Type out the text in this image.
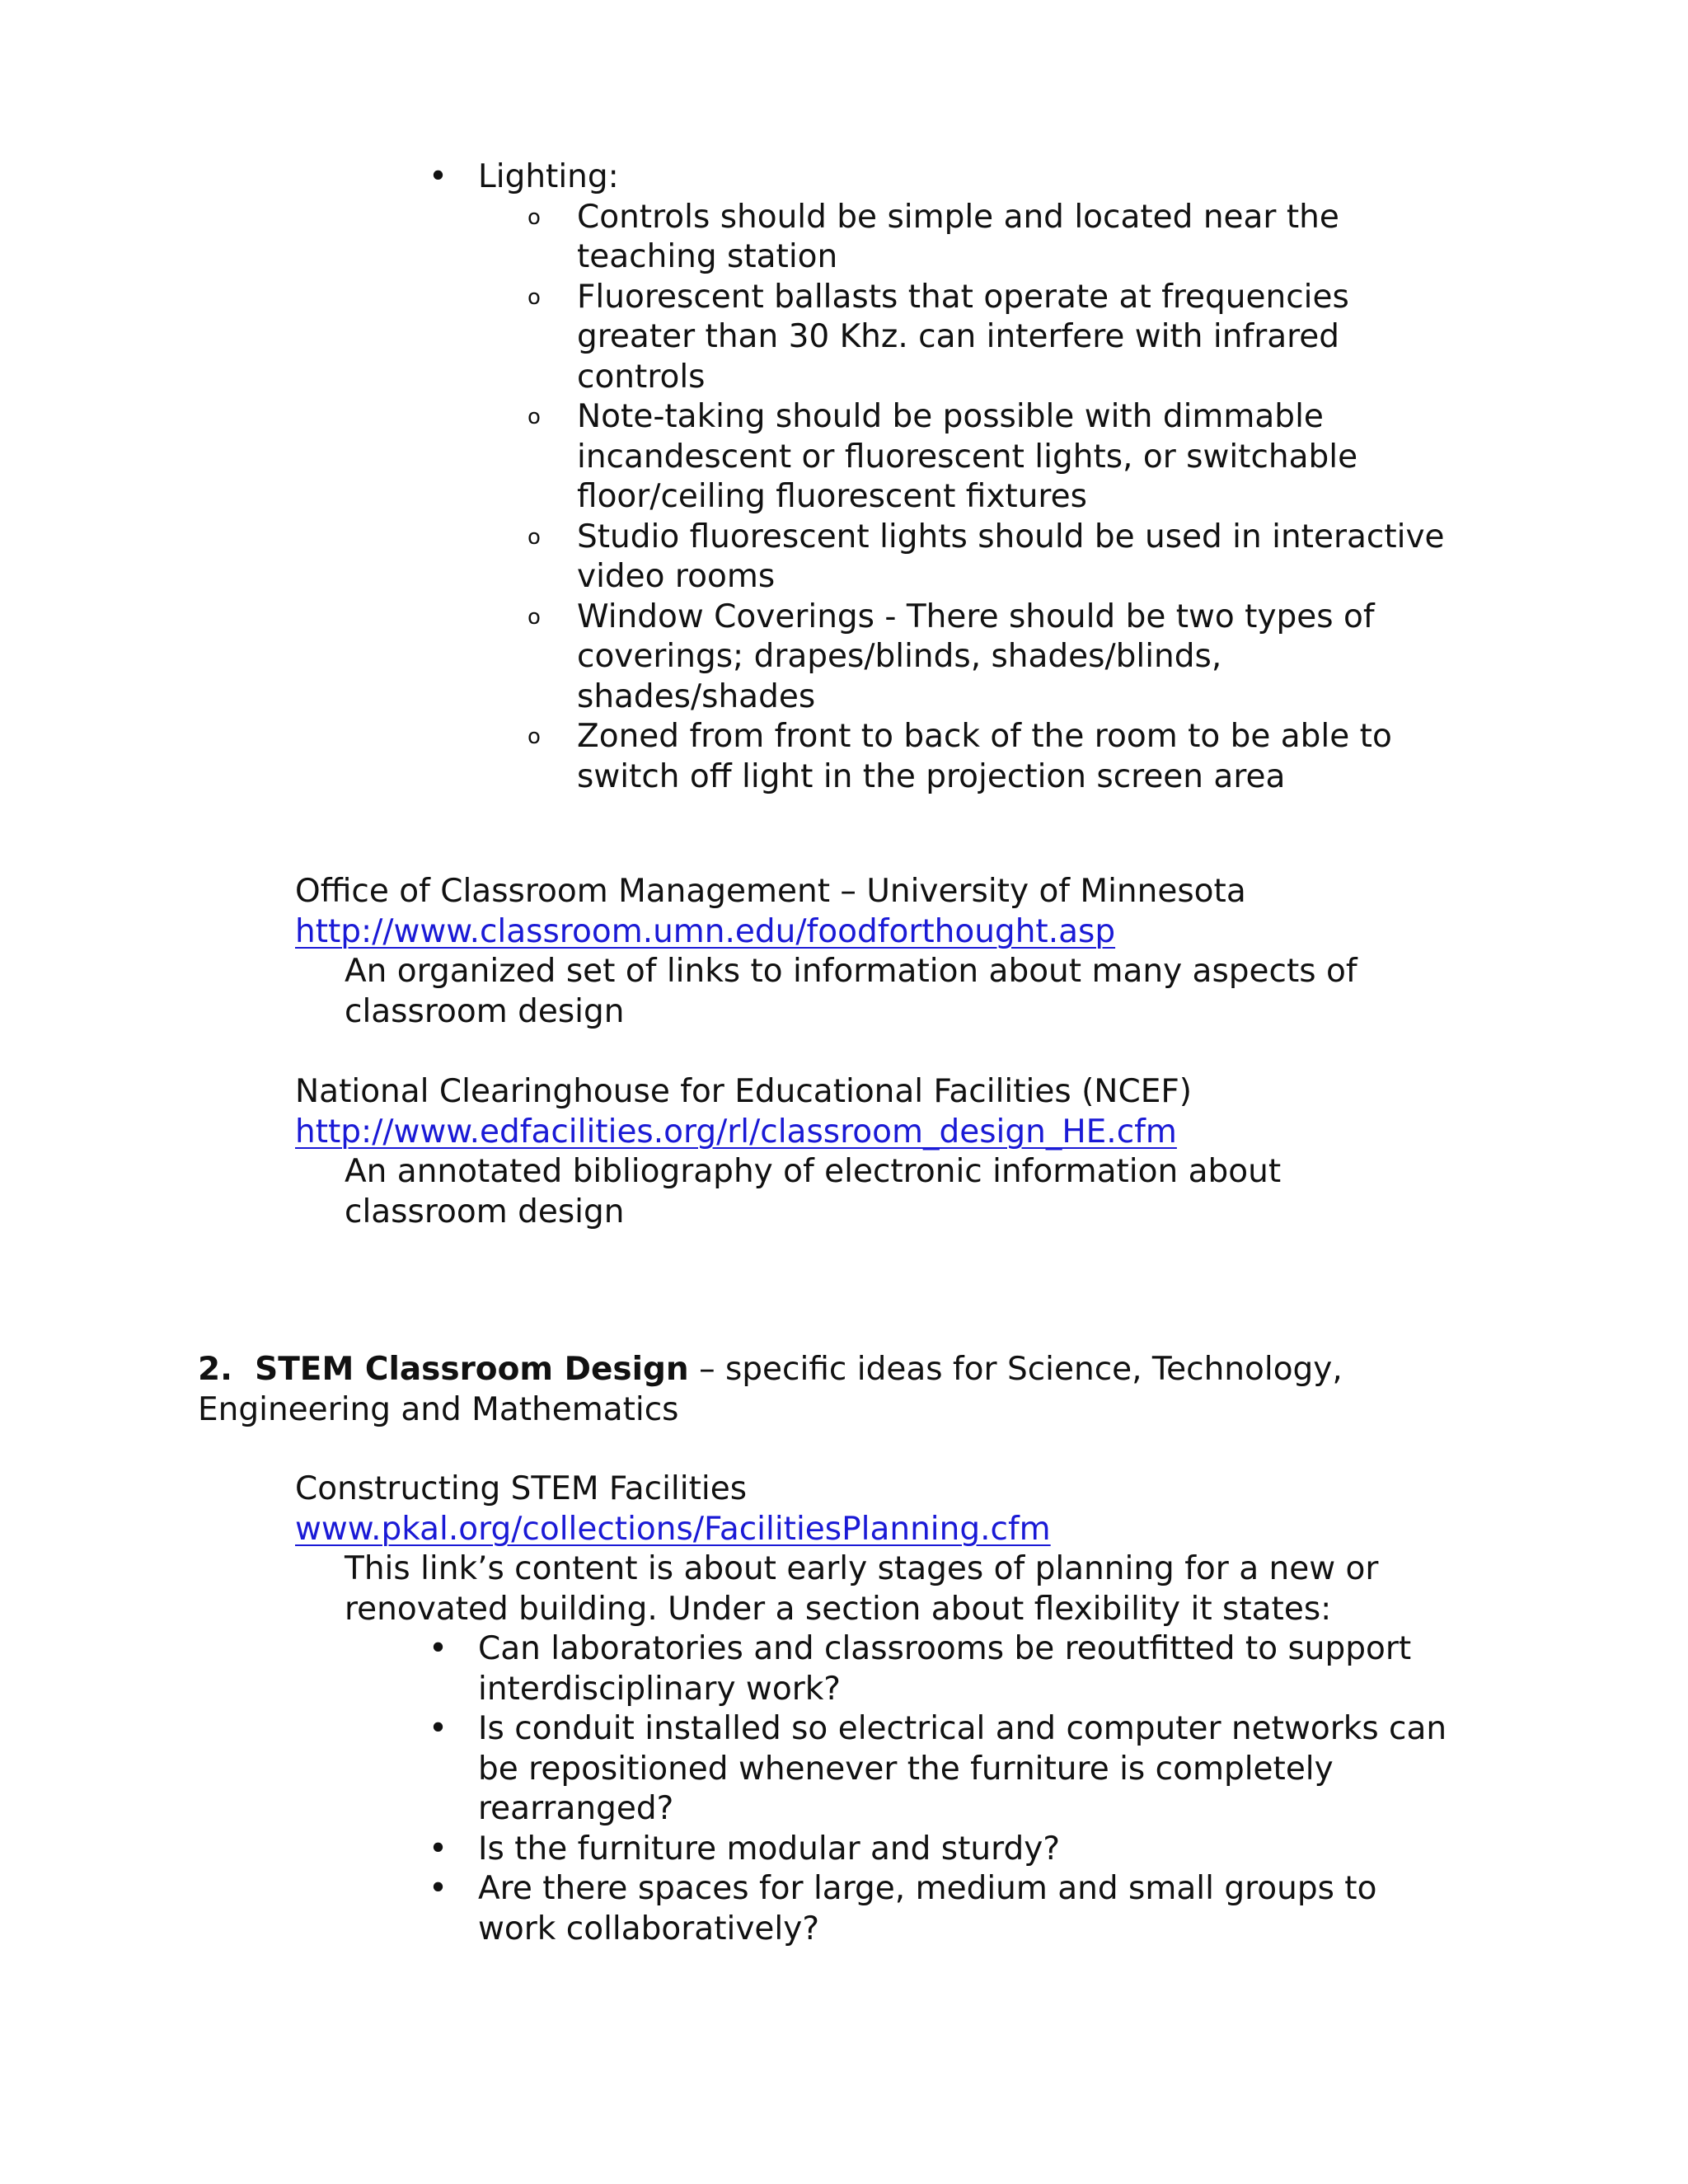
• Lighting:
o Controls should be simple and located near the
teaching station
o Fluorescent ballasts that operate at frequencies
greater than 30 Khz. can interfere with infrared
controls
o Note-taking should be possible with dimmable
incandescent or fluorescent lights, or switchable
floor/ceiling fluorescent fixtures
o Studio fluorescent lights should be used in interactive
video rooms
o Window Coverings - There should be two types of
coverings; drapes/blinds, shades/blinds,
shades/shades
o Zoned from front to back of the room to be able to
switch off light in the projection screen area
Office of Classroom Management – University of Minnesota
http://www.classroom.umn.edu/foodforthought.asp
An organized set of links to information about many aspects of
classroom design
National Clearinghouse for Educational Facilities (NCEF)
http://www.edfacilities.org/rl/classroom_design_HE.cfm
An annotated bibliography of electronic information about
classroom design
2. STEM Classroom Design – specific ideas for Science, Technology,
Engineering and Mathematics
Constructing STEM Facilities
www.pkal.org/collections/FacilitiesPlanning.cfm
This link’s content is about early stages of planning for a new or
renovated building. Under a section about flexibility it states:
• Can laboratories and classrooms be reoutfitted to support
interdisciplinary work?
• Is conduit installed so electrical and computer networks can
be repositioned whenever the furniture is completely
rearranged?
• Is the furniture modular and sturdy?
• Are there spaces for large, medium and small groups to
work collaboratively?
